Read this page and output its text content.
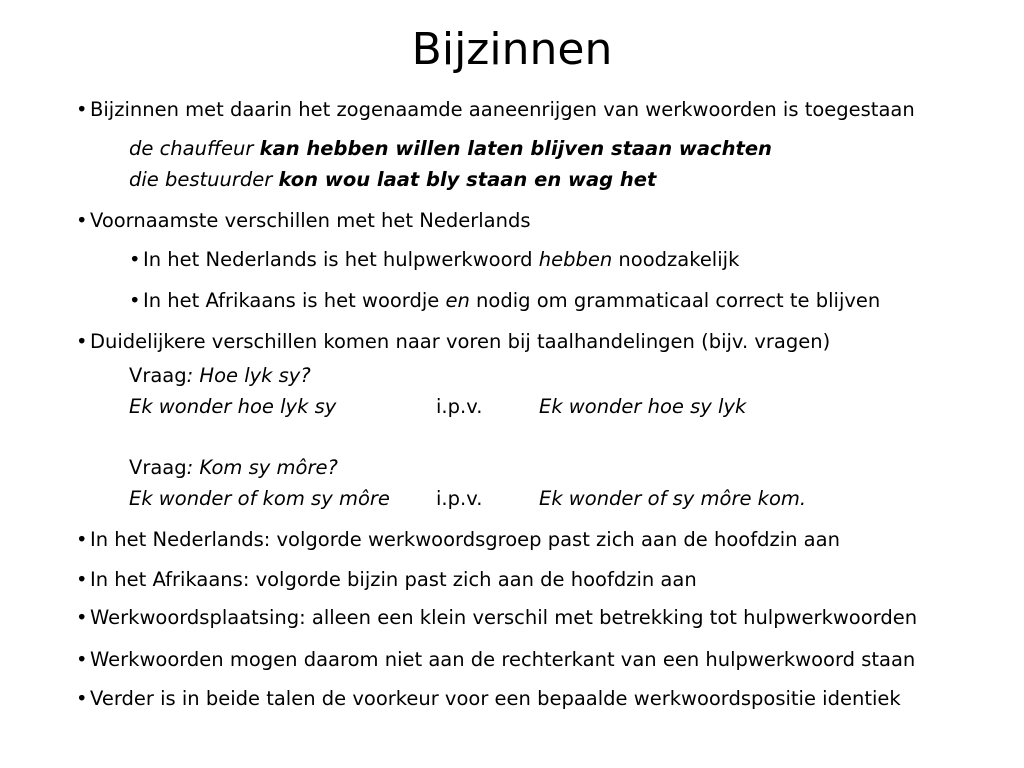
Bijzinnen
• Bijzinnen met daarin het zogenaamde aaneenrijgen van werkwoorden is toegestaan
de chauffeur kan hebben willen laten blijven staan wachten
die bestuurder kon wou laat bly staan en wag het
• Voornaamste verschillen met het Nederlands
• In het Nederlands is het hulpwerkwoord hebben noodzakelijk
• In het Afrikaans is het woordje en nodig om grammaticaal correct te blijven
• Duidelijkere verschillen komen naar voren bij taalhandelingen (bijv. vragen)
Vraag: Hoe lyk sy?
Ek wonder hoe lyk sy	i.p.v.	Ek wonder hoe sy lyk
Vraag: Kom sy môre?
Ek wonder of kom sy môre i.p.v.	Ek wonder of sy môre kom.
• In het Nederlands: volgorde werkwoordsgroep past zich aan de hoofdzin aan
• In het Afrikaans: volgorde bijzin past zich aan de hoofdzin aan
• Werkwoordsplaatsing: alleen een klein verschil met betrekking tot hulpwerkwoorden
• Werkwoorden mogen daarom niet aan de rechterkant van een hulpwerkwoord staan
• Verder is in beide talen de voorkeur voor een bepaalde werkwoordspositie identiek
